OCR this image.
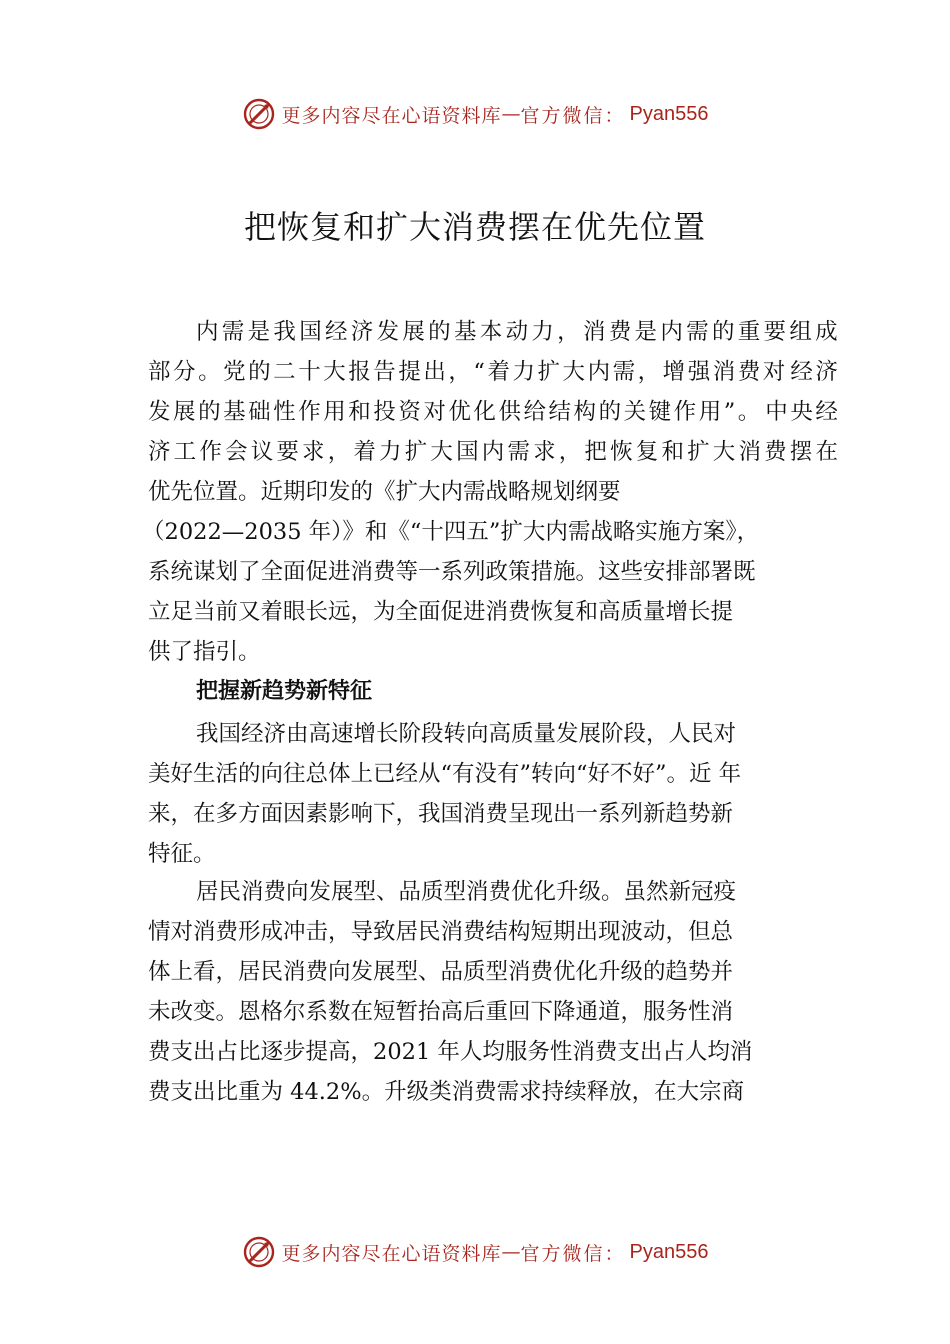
更多内容尽在心语资料库 — 官方微信： Pyan556
把恢复和扩大消费摆在优先位置
内 需 是 我 国 经 济 发 展 的 基 本 动 力 ， 消 费 是 内 需 的 重 要 组 成
部 分 。 党 的 二 十 大 报 告 提 出 ， “ 着 力 扩 大 内 需 ， 增 强 消 费 对 经 济
发 展 的 基 础 性 作 用 和 投 资 对 优 化 供 给 结 构 的 关 键 作 用 ” 。 中 央 经
济 工 作 会 议 要 求 ， 着 力 扩 大 国 内 需 求 ， 把 恢 复 和 扩 大 消 费 摆 在
优先位置。近期印发的《扩大内需战略规划纲要
（2022—2035 年）》和《“十四五”扩大内需战略实施方案》，
系统谋划了全面促进消费等一系列政策措施。这些安排部署既
立足当前又着眼长远，为全面促进消费恢复和高质量增长提
供了指引。
把握新趋势新特征
我国经济由高速增长阶段转向高质量发展阶段，人民对
美好生活的向往总体上已经从“有没有”转向“好不好”。近 年
来，在多方面因素影响下，我国消费呈现出一系列新趋势新
特征。
居民消费向发展型、品质型消费优化升级。虽然新冠疫
情对消费形成冲击，导致居民消费结构短期出现波动，但总
体上看，居民消费向发展型、品质型消费优化升级的趋势并
未改变。恩格尔系数在短暂抬高后重回下降通道，服务性消
费支出占比逐步提高，2021 年人均服务性消费支出占人均消
费支出比重为 44.2%。升级类消费需求持续释放，在大宗商
更多内容尽在心语资料库 — 官方微信： Pyan556
